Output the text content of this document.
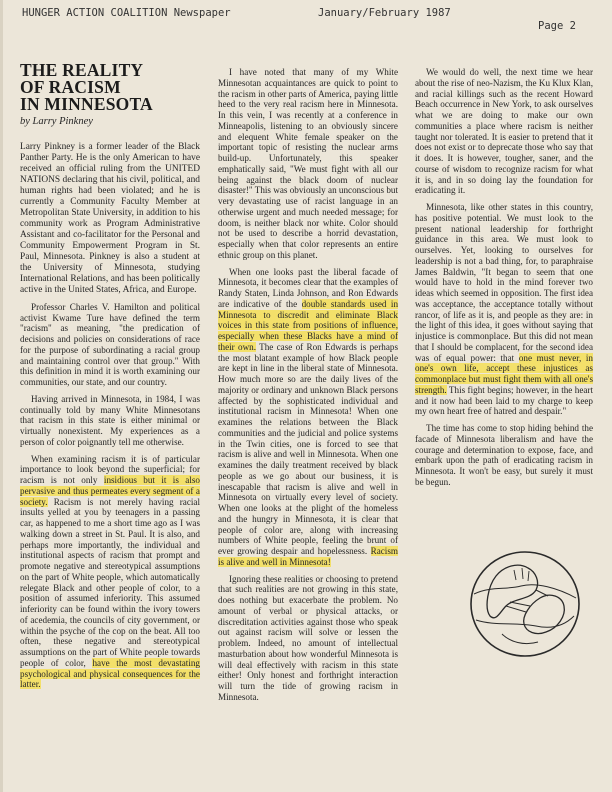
HUNGER ACTION COALITION Newspaper	January/February 1987
Page 2
THE REALITY
OF RACISM
IN MINNESOTA
by Larry Pinkney

Larry Pinkney is a former leader of the Black Panther Party. He is the only American to have received an official ruling from the UNITED NATIONS declaring that his civil, political, and human rights had been violated; and he is currently a Community Faculty Member at Metropolitan State University, in addition to his community work as Program Administrative Assistant and co-facilitator for the Personal and Community Empowerment Program in St. Paul, Minnesota. Pinkney is also a student at the University of Minnesota, studying International Relations, and has been politically active in the United States, Africa, and Europe.

Professor Charles V. Hamilton and political activist Kwame Ture have defined the term "racism" as meaning, "the predication of decisions and policies on considerations of race for the purpose of subordinating a racial group and maintaining control over that group." With this definition in mind it is worth examining our communities, our state, and our country.

Having arrived in Minnesota, in 1984, I was continually told by many White Minnesotans that racism in this state is either minimal or virtually nonexistent. My experiences as a person of color poignantly tell me otherwise.

When examining racism it is of particular importance to look beyond the superficial; for racism is not only insidious but it is also pervasive and thus permeates every segment of a society. Racism is not merely having racial insults yelled at you by teenagers in a passing car, as happened to me a short time ago as I was walking down a street in St. Paul. It is also, and perhaps more importantly, the individual and institutional aspects of racism that prompt and promote negative and stereotypical assumptions on the part of White people, which automatically relegate Black and other people of color, to a position of assumed inferiority. This assumed inferiority can be found within the ivory towers of acedemia, the councils of city government, or within the psyche of the cop on the beat. All too often, these negative and stereotypical assumptions on the part of White people towards people of color, have the most devastating psychological and physical consequences for the latter.

I have noted that many of my White Minnesotan acquaintances are quick to point to the racism in other parts of America, paying little heed to the very real racism here in Minnesota. In this vein, I was recently at a conference in Minneapolis, listening to an obviously sincere and elequent White female speaker on the important topic of resisting the nuclear arms build-up. Unfortunately, this speaker emphatically said, "We must fight with all our being against the black doom of nuclear disaster!" This was obviously an unconscious but very devastating use of racist language in an otherwise urgent and much needed message; for doom, is neither black nor white. Color should not be used to describe a horrid devastation, especially when that color represents an entire ethnic group on this planet.

When one looks past the liberal facade of Minnesota, it becomes clear that the examples of Randy Staten, Linda Johnson, and Ron Edwards are indicative of the double standards used in Minnesota to discredit and eliminate Black voices in this state from positions of influence, especially when these Blacks have a mind of their own. The case of Ron Edwards is perhaps the most blatant example of how Black people are kept in line in the liberal state of Minnesota. How much more so are the daily lives of the majority or ordinary and unknown Black persons affected by the sophisticated individual and institutional racism in Minnesota! When one examines the relations between the Black communities and the judicial and police systems in the Twin cities, one is forced to see that racism is alive and well in Minnesota. When one examines the daily treatment received by black people as we go about our business, it is inescapable that racism is alive and well in Minnesota on virtually every level of society. When one looks at the plight of the homeless and the hungry in Minnesota, it is clear that people of color are, along with increasing numbers of White people, feeling the brunt of ever growing despair and hopelessness. Racism is alive and well in Minnesota!

Ignoring these realities or choosing to pretend that such realities are not growing in this state, does nothing but exacerbate the problem. No amount of verbal or physical attacks, or discreditation activities against those who speak out against racism will solve or lessen the problem. Indeed, no amount of intellectual masturbation about how wonderful Minnesota is will deal effectively with racism in this state either! Only honest and forthright interaction will turn the tide of growing racism in Minnesota.

We would do well, the next time we hear about the rise of neo-Nazism, the Ku Klux Klan, and racial killings such as the recent Howard Beach occurrence in New York, to ask ourselves what we are doing to make our own communities a place where racism is neither taught nor tolerated. It is easier to pretend that it does not exist or to deprecate those who say that it does. It is however, tougher, saner, and the course of wisdom to recognize racism for what it is, and in so doing lay the foundation for eradicating it.

Minnesota, like other states in this country, has positive potential. We must look to the present national leadership for forthright guidance in this area. We must look to ourselves. Yet, looking to ourselves for leadership is not a bad thing, for, to paraphraise James Baldwin, "It began to seem that one would have to hold in the mind forever two ideas which seemed in opposition. The first idea was acceptance, the acceptance totally without rancor, of life as it is, and people as they are: in the light of this idea, it goes without saying that injustice is commonplace. But this did not mean that I should be complacent, for the second idea was of equal power: that one must never, in one's own life, accept these injustices as commonplace but must fight them with all one's strength. This fight begins; however, in the heart and it now had been laid to my charge to keep my own heart free of hatred and despair."

The time has come to stop hiding behind the facade of Minnesota liberalism and have the courage and determination to expose, face, and embark upon the path of eradicating racism in Minnesota. It won't be easy, but surely it must be begun.
